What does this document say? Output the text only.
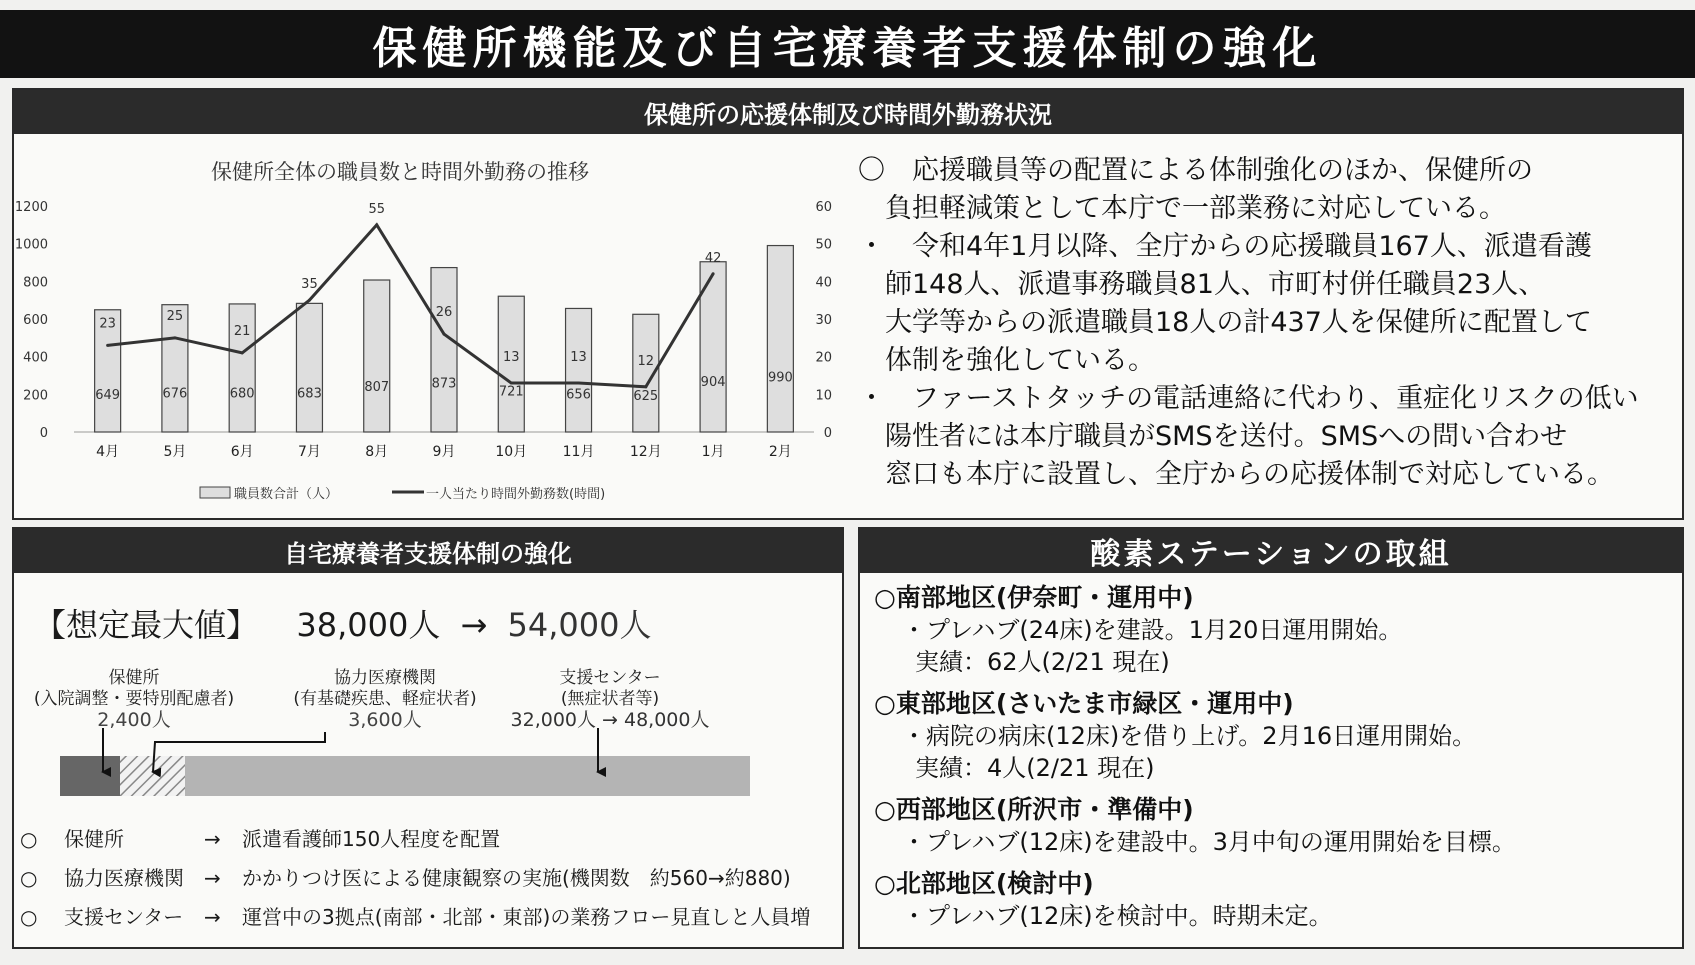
保健所機能及び自宅療養者支援体制の強化
保健所の応援体制及び時間外勤務状況
保健所全体の職員数と時間外勤務の推移
0
200
400
600
800
1000
1200
0
10
20
30
40
50
60
649
4月
676
5月
680
6月
683
7月
807
8月
873
9月
721
10月
656
11月
625
12月
904
1月
990
2月
23
25
21
35
55
26
13	13	12
42
職員数合計（人）	一人当たり時間外勤務数(時間)
〇　応援職員等の配置による体制強化のほか、保健所の
　負担軽減策として本庁で一部業務に対応している。
・　令和4年1月以降、全庁からの応援職員167人、派遣看護
　師148人、派遣事務職員81人、市町村併任職員23人、
　大学等からの派遣職員18人の計437人を保健所に配置して
　体制を強化している。
・　ファーストタッチの電話連絡に代わり、重症化リスクの低い
　陽性者には本庁職員がSMSを送付。SMSへの問い合わせ
　窓口も本庁に設置し、全庁からの応援体制で対応している。
自宅療養者支援体制の強化
【想定最大値】 38,000人 → 54,000人
保健所
(入院調整・要特別配慮者)
2,400人
協力医療機関
(有基礎疾患、軽症状者)
3,600人
支援センター
(無症状者等)
32,000人 → 48,000人
○ 保健所	→ 派遣看護師150人程度を配置
○ 協力医療機関 → かかりつけ医による健康観察の実施(機関数　約560→約880)
○ 支援センター → 運営中の3拠点(南部・北部・東部)の業務フロー見直しと人員増
酸素ステーションの取組
○南部地区(伊奈町・運用中)
・プレハブ(24床)を建設。1月20日運用開始。
実績：62人(2/21 現在)
○東部地区(さいたま市緑区・運用中)
・病院の病床(12床)を借り上げ。2月16日運用開始。
実績：4人(2/21 現在)
○西部地区(所沢市・準備中)
・プレハブ(12床)を建設中。3月中旬の運用開始を目標。
○北部地区(検討中)
・プレハブ(12床)を検討中。時期未定。
